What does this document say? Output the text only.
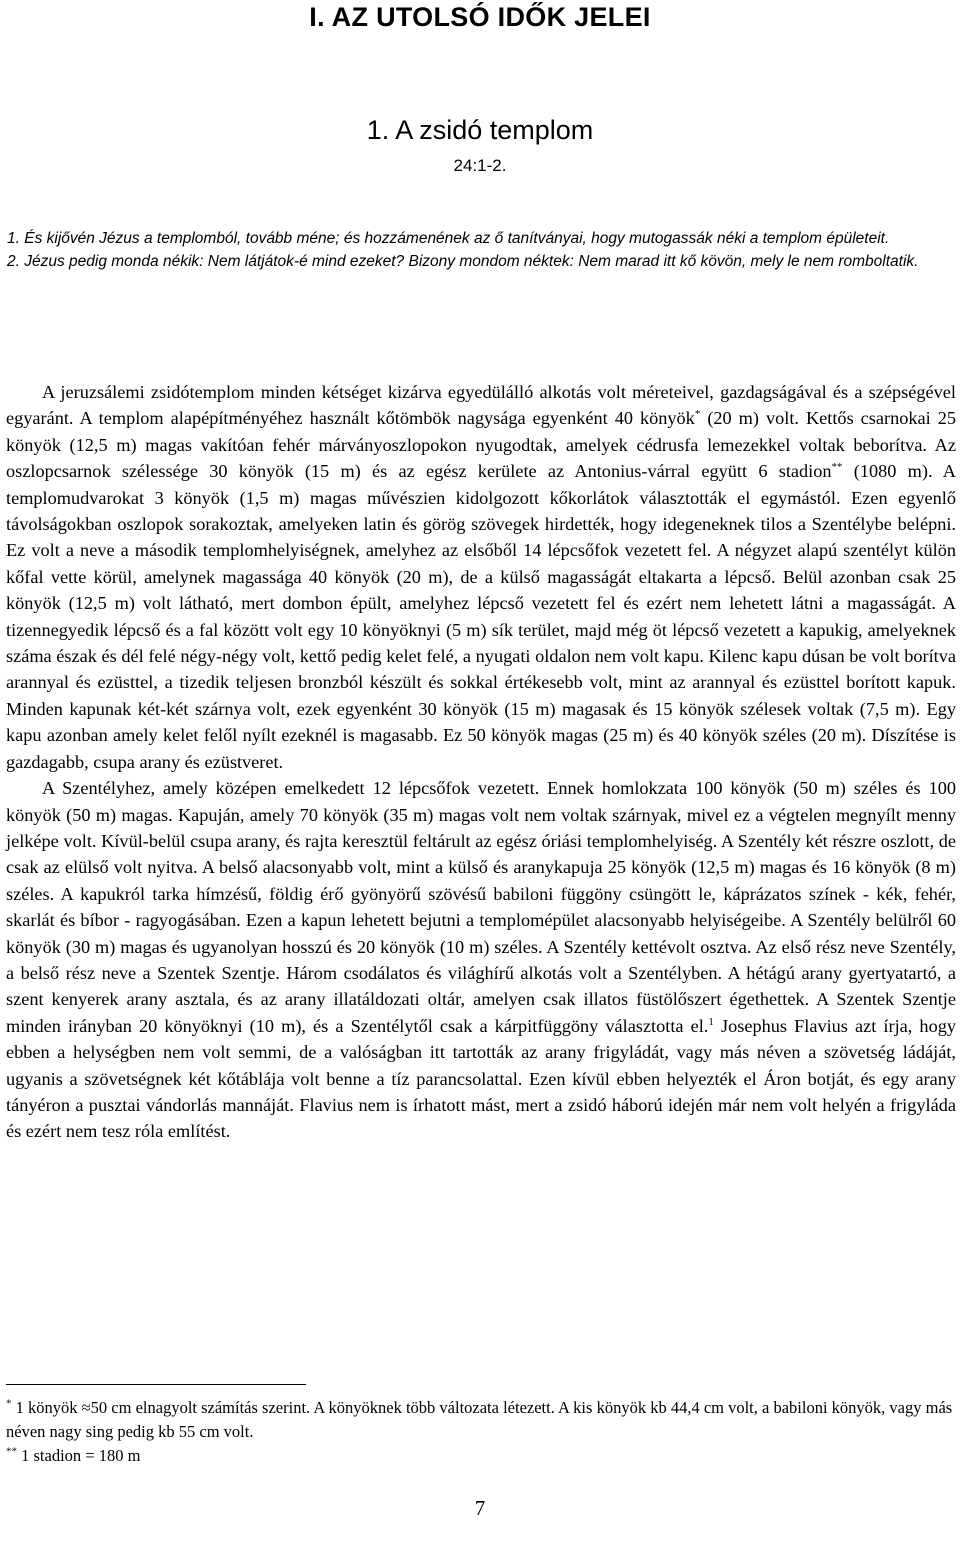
I. AZ UTOLSÓ IDŐK JELEI
1. A zsidó templom
24:1-2.

1. És kijővén Jézus a templomból, tovább méne; és hozzámenének az ő tanítványai, hogy mutogassák néki a templom épületeit.

2. Jézus pedig monda nékik: Nem látjátok-é mind ezeket? Bizony mondom néktek: Nem marad itt kő kövön, mely le nem romboltatik.

A jeruzsálemi zsidótemplom minden kétséget kizárva egyedülálló alkotás volt méreteivel, gazdagságával és a szépségével egyaránt. A templom alapépítményéhez használt kőtömbök nagysága egyenként 40 könyök* (20 m) volt. Kettős csarnokai 25 könyök (12,5 m) magas vakítóan fehér márványoszlopokon nyugodtak, amelyek cédrusfa lemezekkel voltak beborítva. Az oszlopcsarnok szélessége 30 könyök (15 m) és az egész kerülete az Antonius-várral együtt 6 stadion** (1080 m). A templomudvarokat 3 könyök (1,5 m) magas művészien kidolgozott kőkorlátok választották el egymástól. Ezen egyenlő távolságokban oszlopok sorakoztak, amelyeken latin és görög szövegek hirdették, hogy idegeneknek tilos a Szentélybe belépni. Ez volt a neve a második templomhelyiségnek, amelyhez az elsőből 14 lépcsőfok vezetett fel. A négyzet alapú szentélyt külön kőfal vette körül, amelynek magassága 40 könyök (20 m), de a külső magasságát eltakarta a lépcső. Belül azonban csak 25 könyök (12,5 m) volt látható, mert dombon épült, amelyhez lépcső vezetett fel és ezért nem lehetett látni a magasságát. A tizennegyedik lépcső és a fal között volt egy 10 könyöknyi (5 m) sík terület, majd még öt lépcső vezetett a kapukig, amelyeknek száma észak és dél felé négy-négy volt, kettő pedig kelet felé, a nyugati oldalon nem volt kapu. Kilenc kapu dúsan be volt borítva arannyal és ezüsttel, a tizedik teljesen bronzból készült és sokkal értékesebb volt, mint az arannyal és ezüsttel borított kapuk. Minden kapunak két-két szárnya volt, ezek egyenként 30 könyök (15 m) magasak és 15 könyök szélesek voltak (7,5 m). Egy kapu azonban amely kelet felől nyílt ezeknél is magasabb. Ez 50 könyök magas (25 m) és 40 könyök széles (20 m). Díszítése is gazdagabb, csupa arany és ezüstveret.

A Szentélyhez, amely középen emelkedett 12 lépcsőfok vezetett. Ennek homlokzata 100 könyök (50 m) széles és 100 könyök (50 m) magas. Kapuján, amely 70 könyök (35 m) magas volt nem voltak szárnyak, mivel ez a végtelen megnyílt menny jelképe volt. Kívül-belül csupa arany, és rajta keresztül feltárult az egész óriási templomhelyiség. A Szentély két részre oszlott, de csak az elülső volt nyitva. A belső alacsonyabb volt, mint a külső és aranykapuja 25 könyök (12,5 m) magas és 16 könyök (8 m) széles. A kapukról tarka hímzésű, földig érő gyönyörű szövésű babiloni függöny csüngött le, káprázatos színek - kék, fehér, skarlát és bíbor - ragyogásában. Ezen a kapun lehetett bejutni a templomépület alacsonyabb helyiségeibe. A Szentély belülről 60 könyök (30 m) magas és ugyanolyan hosszú és 20 könyök (10 m) széles. A Szentély kettévolt osztva. Az első rész neve Szentély, a belső rész neve a Szentek Szentje. Három csodálatos és világhírű alkotás volt a Szentélyben. A hétágú arany gyertyatartó, a szent kenyerek arany asztala, és az arany illatáldozati oltár, amelyen csak illatos füstölőszert égethettek. A Szentek Szentje minden irányban 20 könyöknyi (10 m), és a Szentélytől csak a kárpitfüggöny választotta el.$^1$ Josephus Flavius azt írja, hogy ebben a helységben nem volt semmi, de a valóságban itt tartották az arany frigyládát, vagy más néven a szövetség ládáját, ugyanis a szövetségnek két kőtáblája volt benne a tíz parancsolattal. Ezen kívül ebben helyezték el Áron botját, és egy arany tányéron a pusztai vándorlás mannáját. Flavius nem is írhatott mást, mert a zsidó háború idején már nem volt helyén a frigyláda és ezért nem tesz róla említést.

* 1 könyök ≈50 cm elnagyolt számítás szerint. A könyöknek több változata létezett. A kis könyök kb 44,4 cm volt, a babiloni könyök, vagy más néven nagy sing pedig kb 55 cm volt.

** 1 stadion = 180 m

7
